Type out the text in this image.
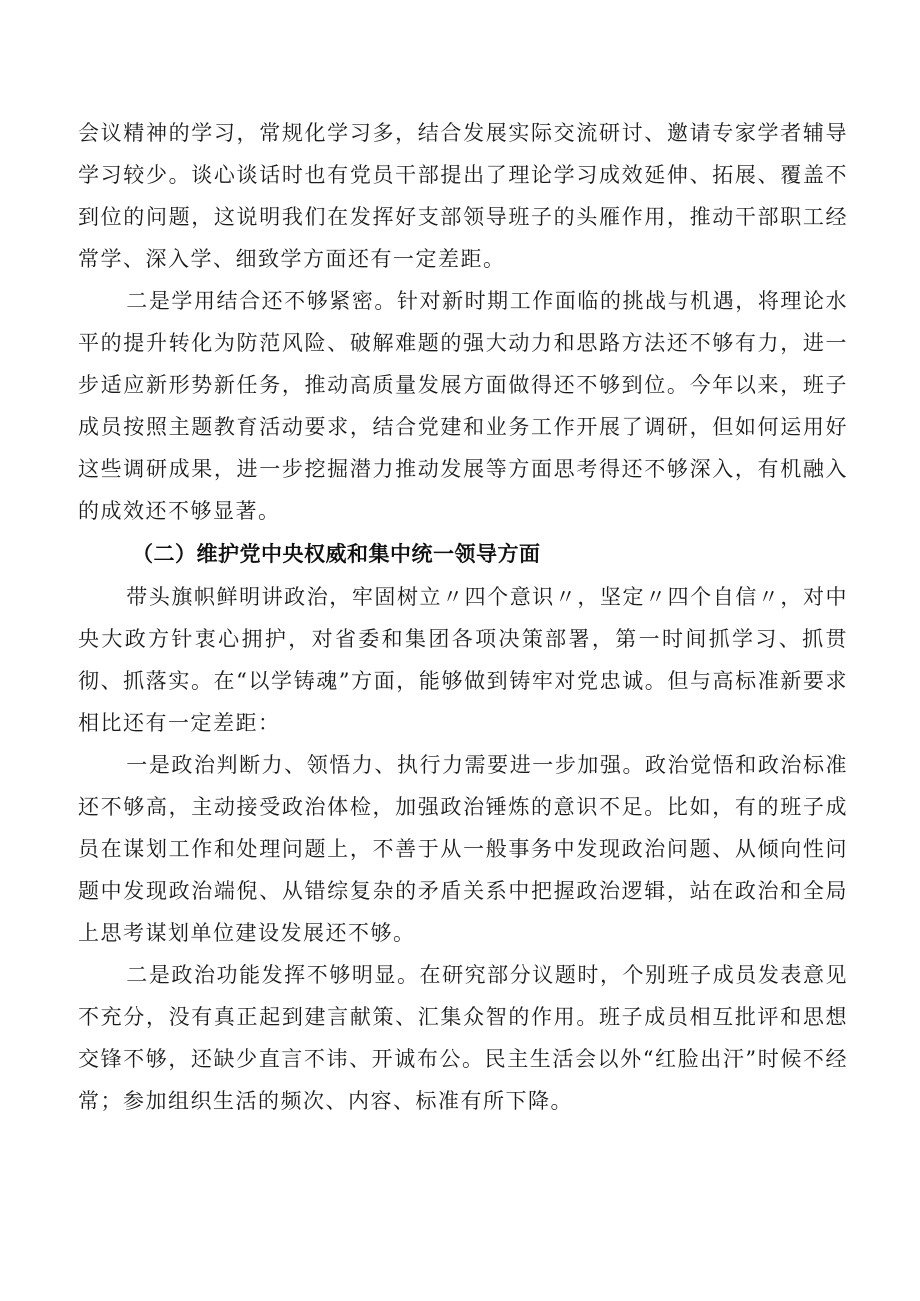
会议精神的学习，常规化学习多，结合发展实际交流研讨、邀请专家学者辅导学习较少。谈心谈话时也有党员干部提出了理论学习成效延伸、拓展、覆盖不到位的问题，这说明我们在发挥好支部领导班子的头雁作用，推动干部职工经常学、深入学、细致学方面还有一定差距。

二是学用结合还不够紧密。针对新时期工作面临的挑战与机遇，将理论水平的提升转化为防范风险、破解难题的强大动力和思路方法还不够有力，进一步适应新形势新任务，推动高质量发展方面做得还不够到位。今年以来，班子成员按照主题教育活动要求，结合党建和业务工作开展了调研，但如何运用好这些调研成果，进一步挖掘潜力推动发展等方面思考得还不够深入，有机融入的成效还不够显著。

（二）维护党中央权威和集中统一领导方面

带头旗帜鲜明讲政治，牢固树立〃四个意识〃，坚定〃四个自信〃，对中央大政方针衷心拥护，对省委和集团各项决策部署，第一时间抓学习、抓贯彻、抓落实。在“以学铸魂”方面，能够做到铸牢对党忠诚。但与高标准新要求相比还有一定差距：

一是政治判断力、领悟力、执行力需要进一步加强。政治觉悟和政治标准还不够高，主动接受政治体检，加强政治锤炼的意识不足。比如，有的班子成员在谋划工作和处理问题上，不善于从一般事务中发现政治问题、从倾向性问题中发现政治端倪、从错综复杂的矛盾关系中把握政治逻辑，站在政治和全局上思考谋划单位建设发展还不够。

二是政治功能发挥不够明显。在研究部分议题时，个别班子成员发表意见不充分，没有真正起到建言献策、汇集众智的作用。班子成员相互批评和思想交锋不够，还缺少直言不讳、开诚布公。民主生活会以外“红脸出汗”时候不经常；参加组织生活的频次、内容、标准有所下降。
